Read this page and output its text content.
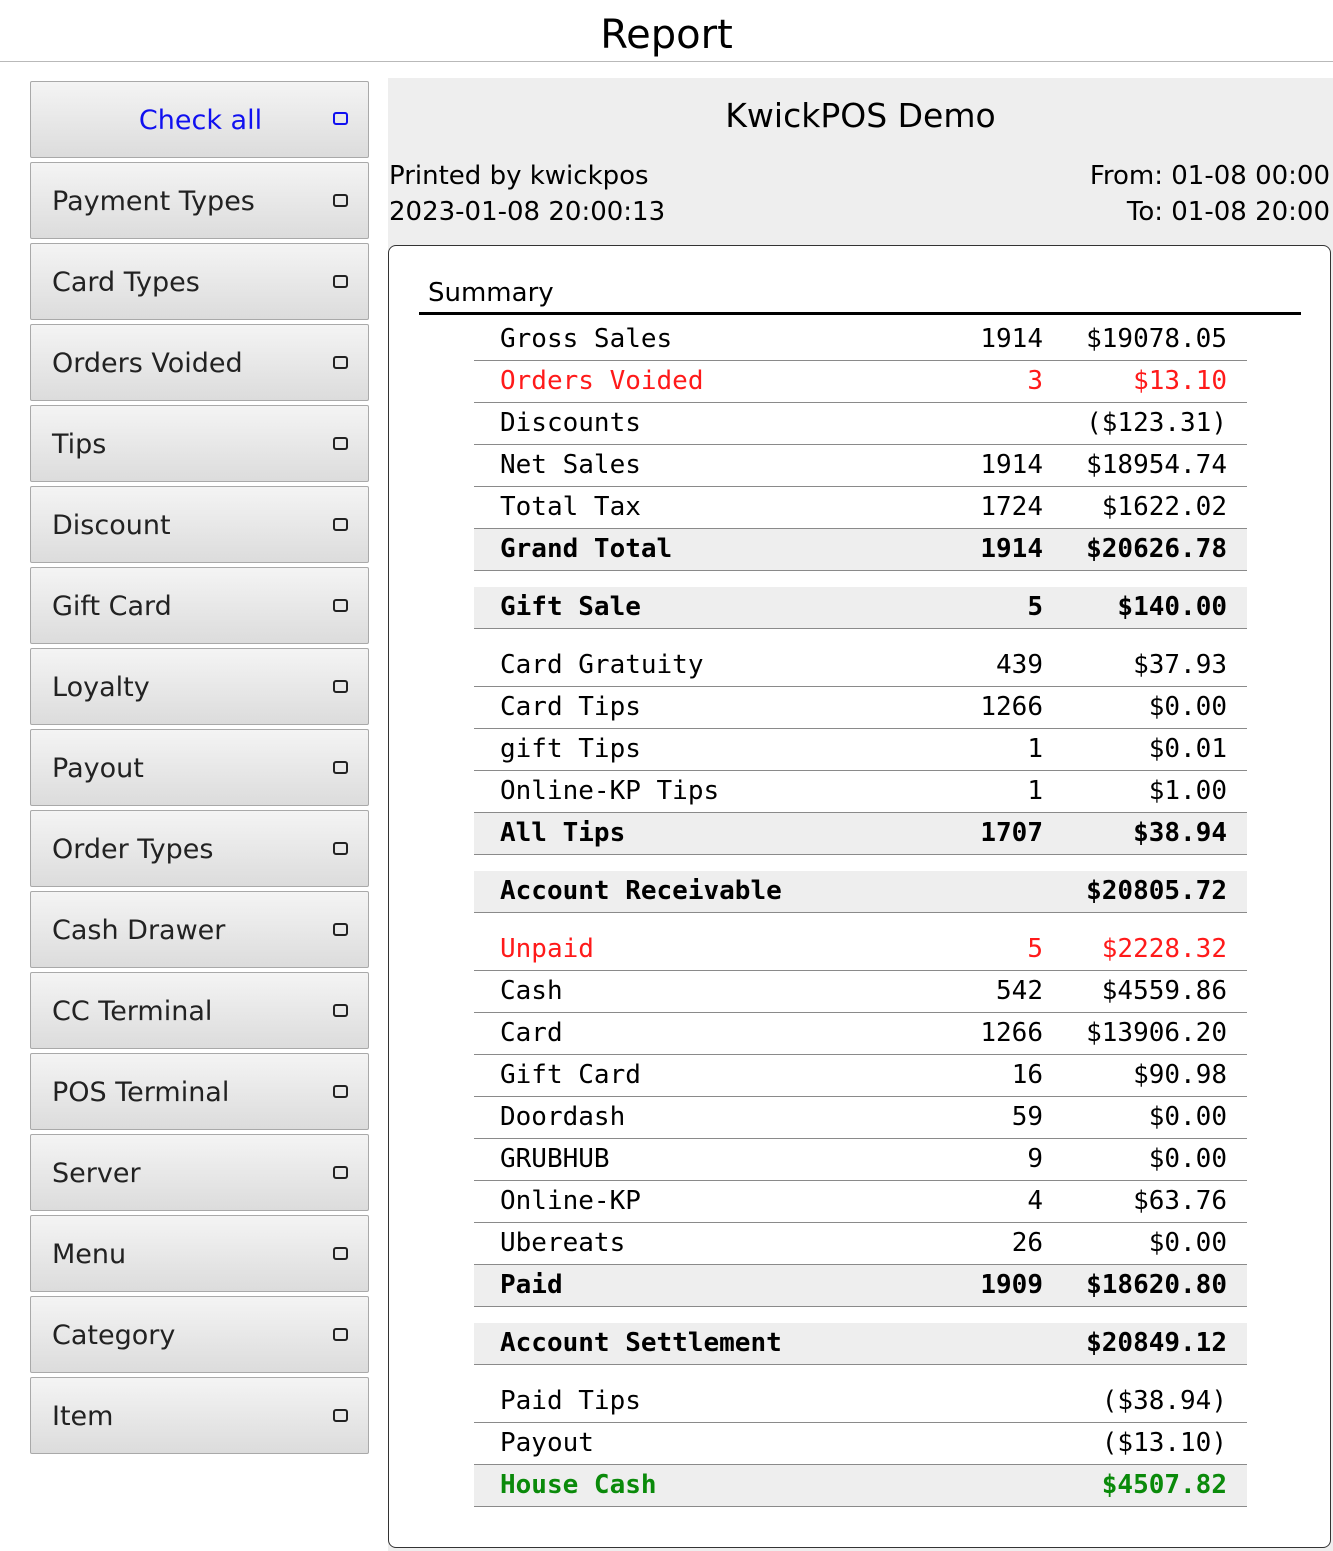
Report
Check all
Payment Types
Card Types
Orders Voided
Tips
Discount
Gift Card
Loyalty
Payout
Order Types
Cash Drawer
CC Terminal
POS Terminal
Server
Menu
Category
Item
KwickPOS Demo
Printed by kwickpos
2023-01-08 20:00:13
From: 01-08 00:00
To: 01-08 20:00
Summary
Gross Sales	1914 $19078.05
Orders Voided	3	$13.10
Discounts	($123.31)
Net Sales	1914 $18954.74
Total Tax	1724 $1622.02
Grand Total	1914 $20626.78
Gift Sale	5	$140.00
Card Gratuity	439	$37.93
Card Tips	1266	$0.00
gift Tips	1	$0.01
Online-KP Tips	1	$1.00
All Tips	1707	$38.94
Account Receivable	$20805.72
Unpaid	5 $2228.32
Cash	542 $4559.86
Card	1266 $13906.20
Gift Card	16	$90.98
Doordash	59	$0.00
GRUBHUB	9	$0.00
Online-KP	4	$63.76
Ubereats	26	$0.00
Paid	1909 $18620.80
Account Settlement	$20849.12
Paid Tips	($38.94)
Payout	($13.10)
House Cash	$4507.82
